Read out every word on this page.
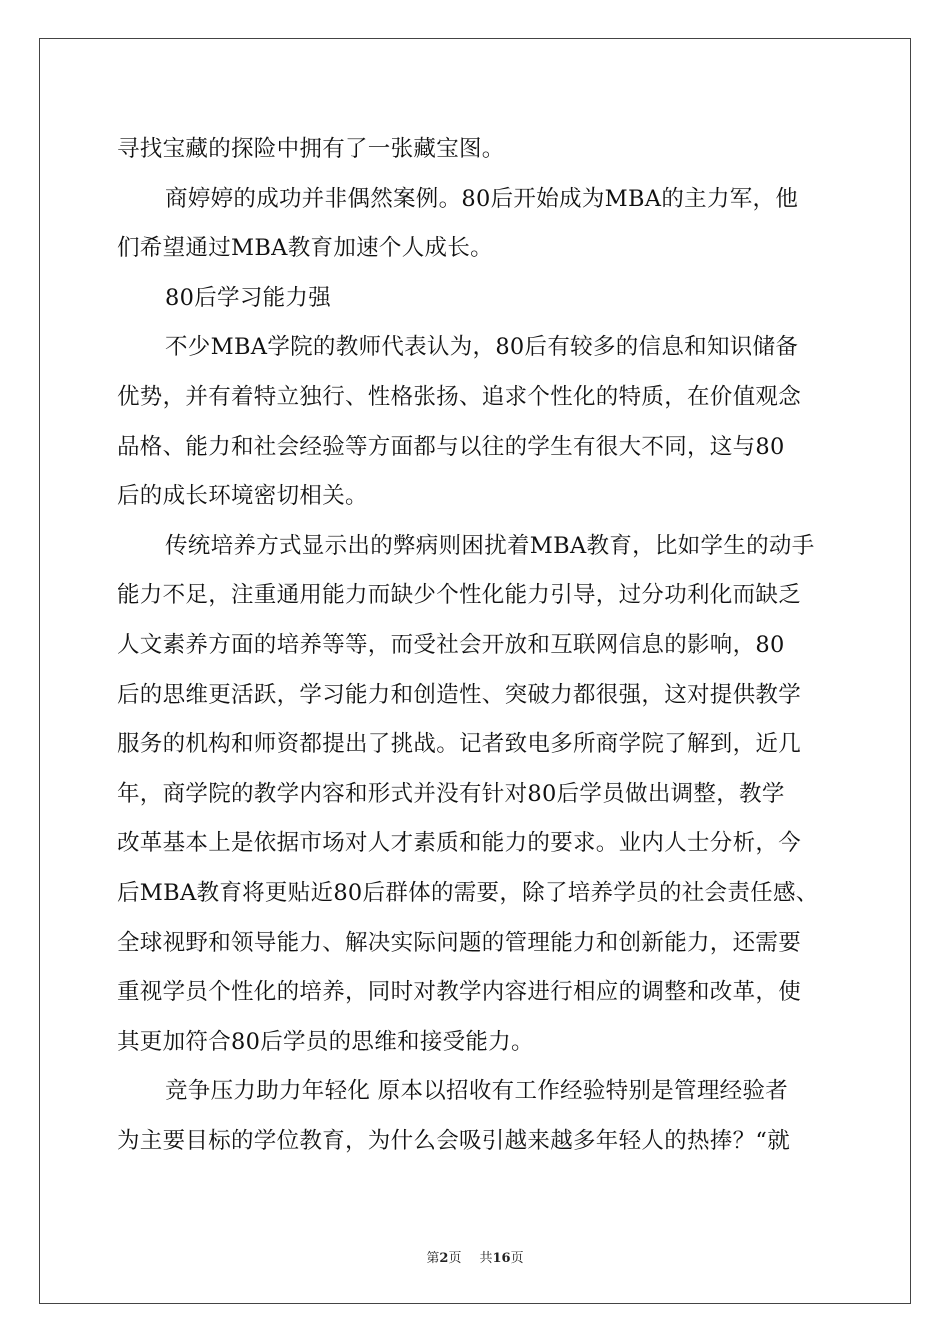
寻找宝藏的探险中拥有了一张藏宝图。
商婷婷的成功并非偶然案例。80后开始成为MBA的主力军，他
们希望通过MBA教育加速个人成长。
80后学习能力强
不少MBA学院的教师代表认为，80后有较多的信息和知识储备
优势，并有着特立独行、性格张扬、追求个性化的特质，在价值观念
品格、能力和社会经验等方面都与以往的学生有很大不同，这与80
后的成长环境密切相关。
传统培养方式显示出的弊病则困扰着MBA教育，比如学生的动手
能力不足，注重通用能力而缺少个性化能力引导，过分功利化而缺乏
人文素养方面的培养等等，而受社会开放和互联网信息的影响，80
后的思维更活跃，学习能力和创造性、突破力都很强，这对提供教学
服务的机构和师资都提出了挑战。记者致电多所商学院了解到，近几
年，商学院的教学内容和形式并没有针对80后学员做出调整，教学
改革基本上是依据市场对人才素质和能力的要求。业内人士分析，今
后MBA教育将更贴近80后群体的需要，除了培养学员的社会责任感、
全球视野和领导能力、解决实际问题的管理能力和创新能力，还需要
重视学员个性化的培养，同时对教学内容进行相应的调整和改革，使
其更加符合80后学员的思维和接受能力。
竞争压力助力年轻化 原本以招收有工作经验特别是管理经验者
为主要目标的学位教育，为什么会吸引越来越多年轻人的热捧？“就
第2页 共16页
